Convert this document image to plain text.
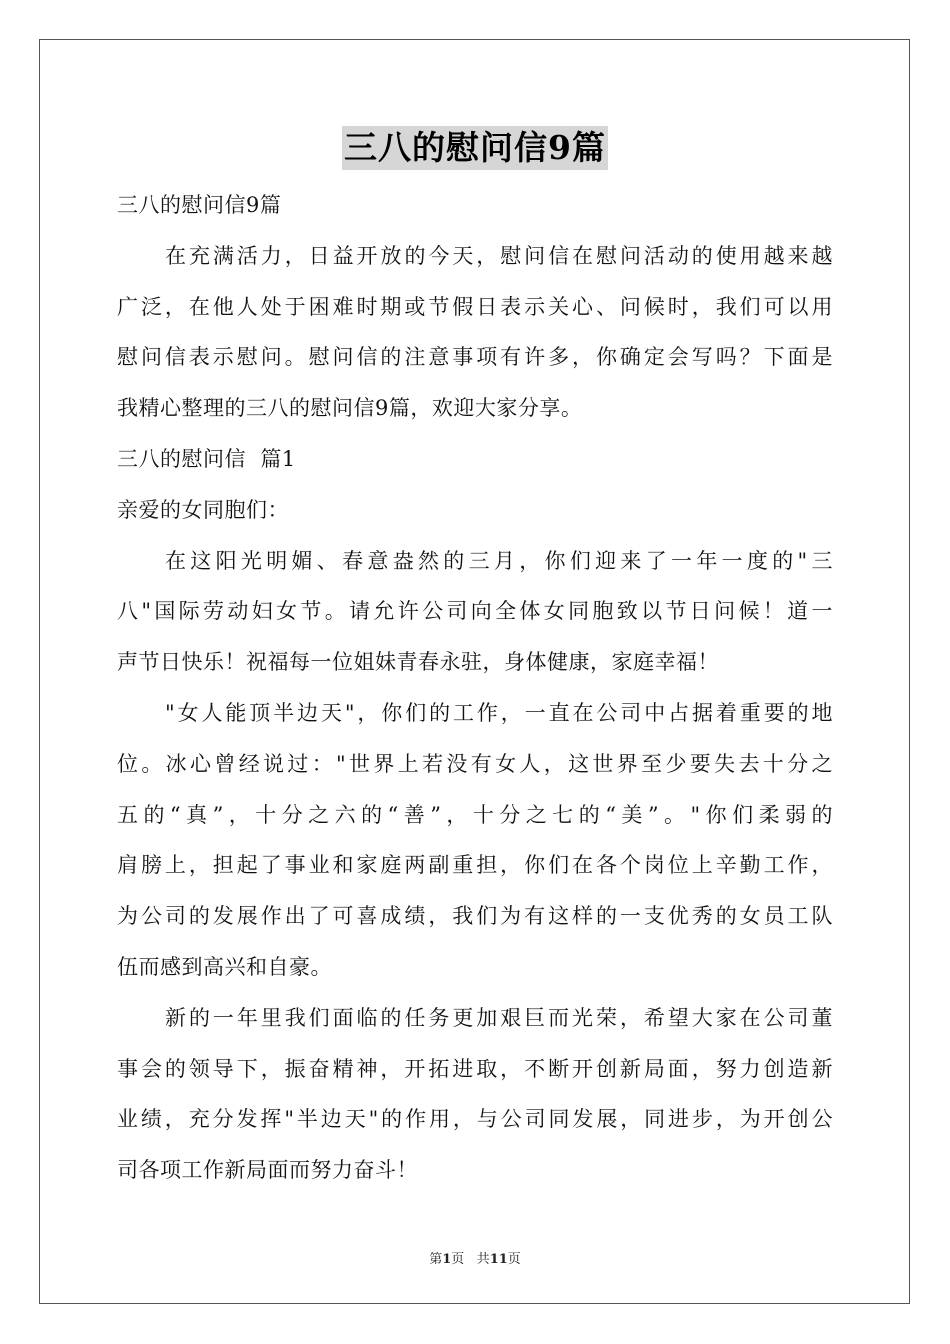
三八的慰问信9篇
三八的慰问信9篇
在充满活力，日益开放的今天，慰问信在慰问活动的使用越来越
广泛，在他人处于困难时期或节假日表示关心、问候时，我们可以用
慰问信表示慰问。慰问信的注意事项有许多，你确定会写吗？下面是
我精心整理的三八的慰问信9篇，欢迎大家分享。
三八的慰问信  篇1
亲爱的女同胞们：
在这阳光明媚、春意盎然的三月，你们迎来了一年一度的"三
八"国际劳动妇女节。请允许公司向全体女同胞致以节日问候！道一
声节日快乐！祝福每一位姐妹青春永驻，身体健康，家庭幸福！
"女人能顶半边天"，你们的工作，一直在公司中占据着重要的地
位。冰心曾经说过："世界上若没有女人，这世界至少要失去十分之
五的“真”，十分之六的“善”，十分之七的“美”。"你们柔弱的
肩膀上，担起了事业和家庭两副重担，你们在各个岗位上辛勤工作，
为公司的发展作出了可喜成绩，我们为有这样的一支优秀的女员工队
伍而感到高兴和自豪。
新的一年里我们面临的任务更加艰巨而光荣，希望大家在公司董
事会的领导下，振奋精神，开拓进取，不断开创新局面，努力创造新
业绩，充分发挥"半边天"的作用，与公司同发展，同进步，为开创公
司各项工作新局面而努力奋斗！
第1页 共11页
